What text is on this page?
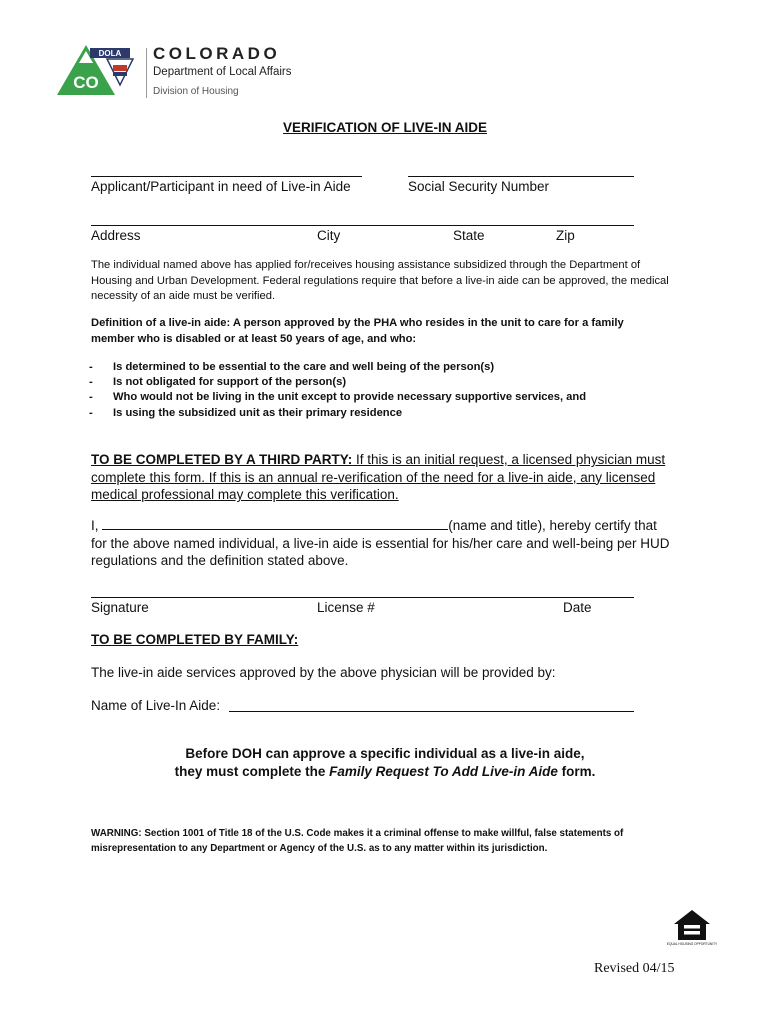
CO
DOLA COLORADO
Department of Local Affairs
Division of Housing
VERIFICATION OF LIVE-IN AIDE
Applicant/Participant in need of Live-in Aide	Social Security Number
Address	City	State	Zip
The individual named above has applied for/receives housing assistance subsidized through the Department of Housing and Urban Development. Federal regulations require that before a live-in aide can be approved, the medical necessity of an aide must be verified.
Definition of a live-in aide: A person approved by the PHA who resides in the unit to care for a family member who is disabled or at least 50 years of age, and who:
-	Is determined to be essential to the care and well being of the person(s)
-	Is not obligated for support of the person(s)
-	Who would not be living in the unit except to provide necessary supportive services, and
-	Is using the subsidized unit as their primary residence
TO BE COMPLETED BY A THIRD PARTY: If this is an initial request, a licensed physician must complete this form. If this is an annual re-verification of the need for a live-in aide, any licensed medical professional may complete this verification.
I,	(name and title), hereby certify that
for the above named individual, a live-in aide is essential for his/her care and well-being per HUD regulations and the definition stated above.
Signature	License #	Date
TO BE COMPLETED BY FAMILY:
The live-in aide services approved by the above physician will be provided by:
Name of Live-In Aide:
Before DOH can approve a specific individual as a live-in aide,
they must complete the Family Request To Add Live-in Aide form.
WARNING: Section 1001 of Title 18 of the U.S. Code makes it a criminal offense to make willful, false statements of misrepresentation to any Department or Agency of the U.S. as to any matter within its jurisdiction.
EQUAL HOUSING OPPORTUNITY
Revised 04/15
